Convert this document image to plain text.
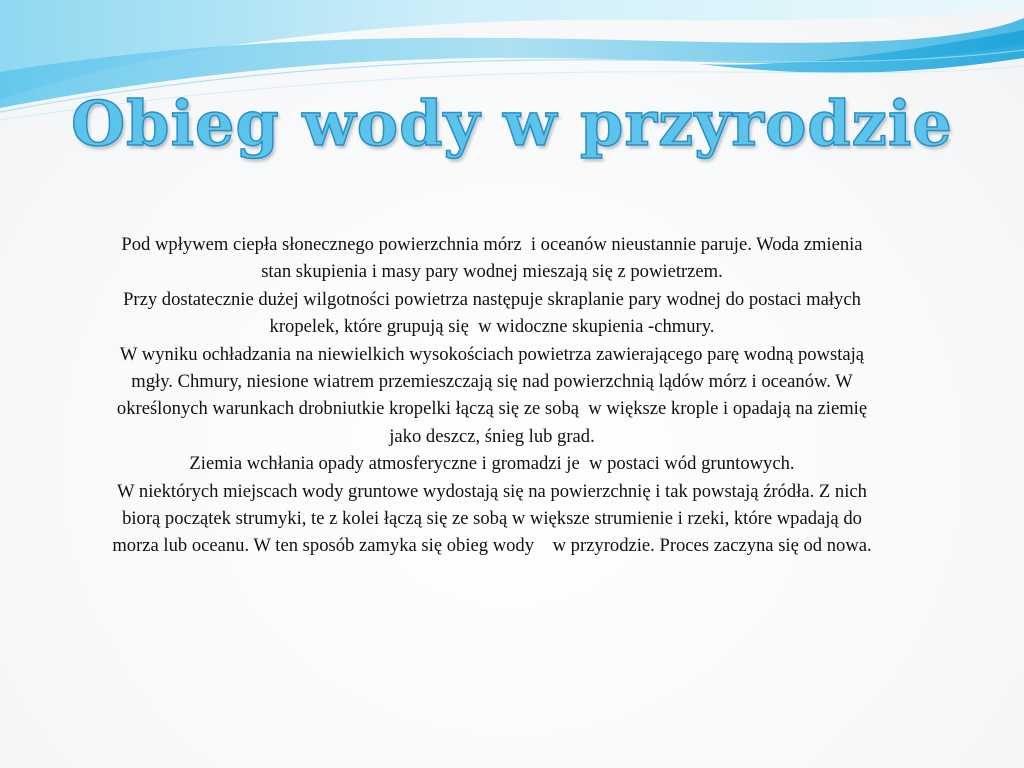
Obieg wody w przyrodzie

Pod wpływem ciepła słonecznego powierzchnia mórz  i oceanów nieustannie paruje. Woda zmienia stan skupienia i masy pary wodnej mieszają się z powietrzem.

Przy dostatecznie dużej wilgotności powietrza następuje skraplanie pary wodnej do postaci małych kropelek, które grupują się  w widoczne skupienia -chmury.

W wyniku ochładzania na niewielkich wysokościach powietrza zawierającego parę wodną powstają mgły. Chmury, niesione wiatrem przemieszczają się nad powierzchnią lądów mórz i oceanów. W określonych warunkach drobniutkie kropelki łączą się ze sobą  w większe krople i opadają na ziemię jako deszcz, śnieg lub grad.

Ziemia wchłania opady atmosferyczne i gromadzi je  w postaci wód gruntowych.

W niektórych miejscach wody gruntowe wydostają się na powierzchnię i tak powstają źródła. Z nich biorą początek strumyki, te z kolei łączą się ze sobą w większe strumienie i rzeki, które wpadają do morza lub oceanu. W ten sposób zamyka się obieg wody    w przyrodzie. Proces zaczyna się od nowa.
